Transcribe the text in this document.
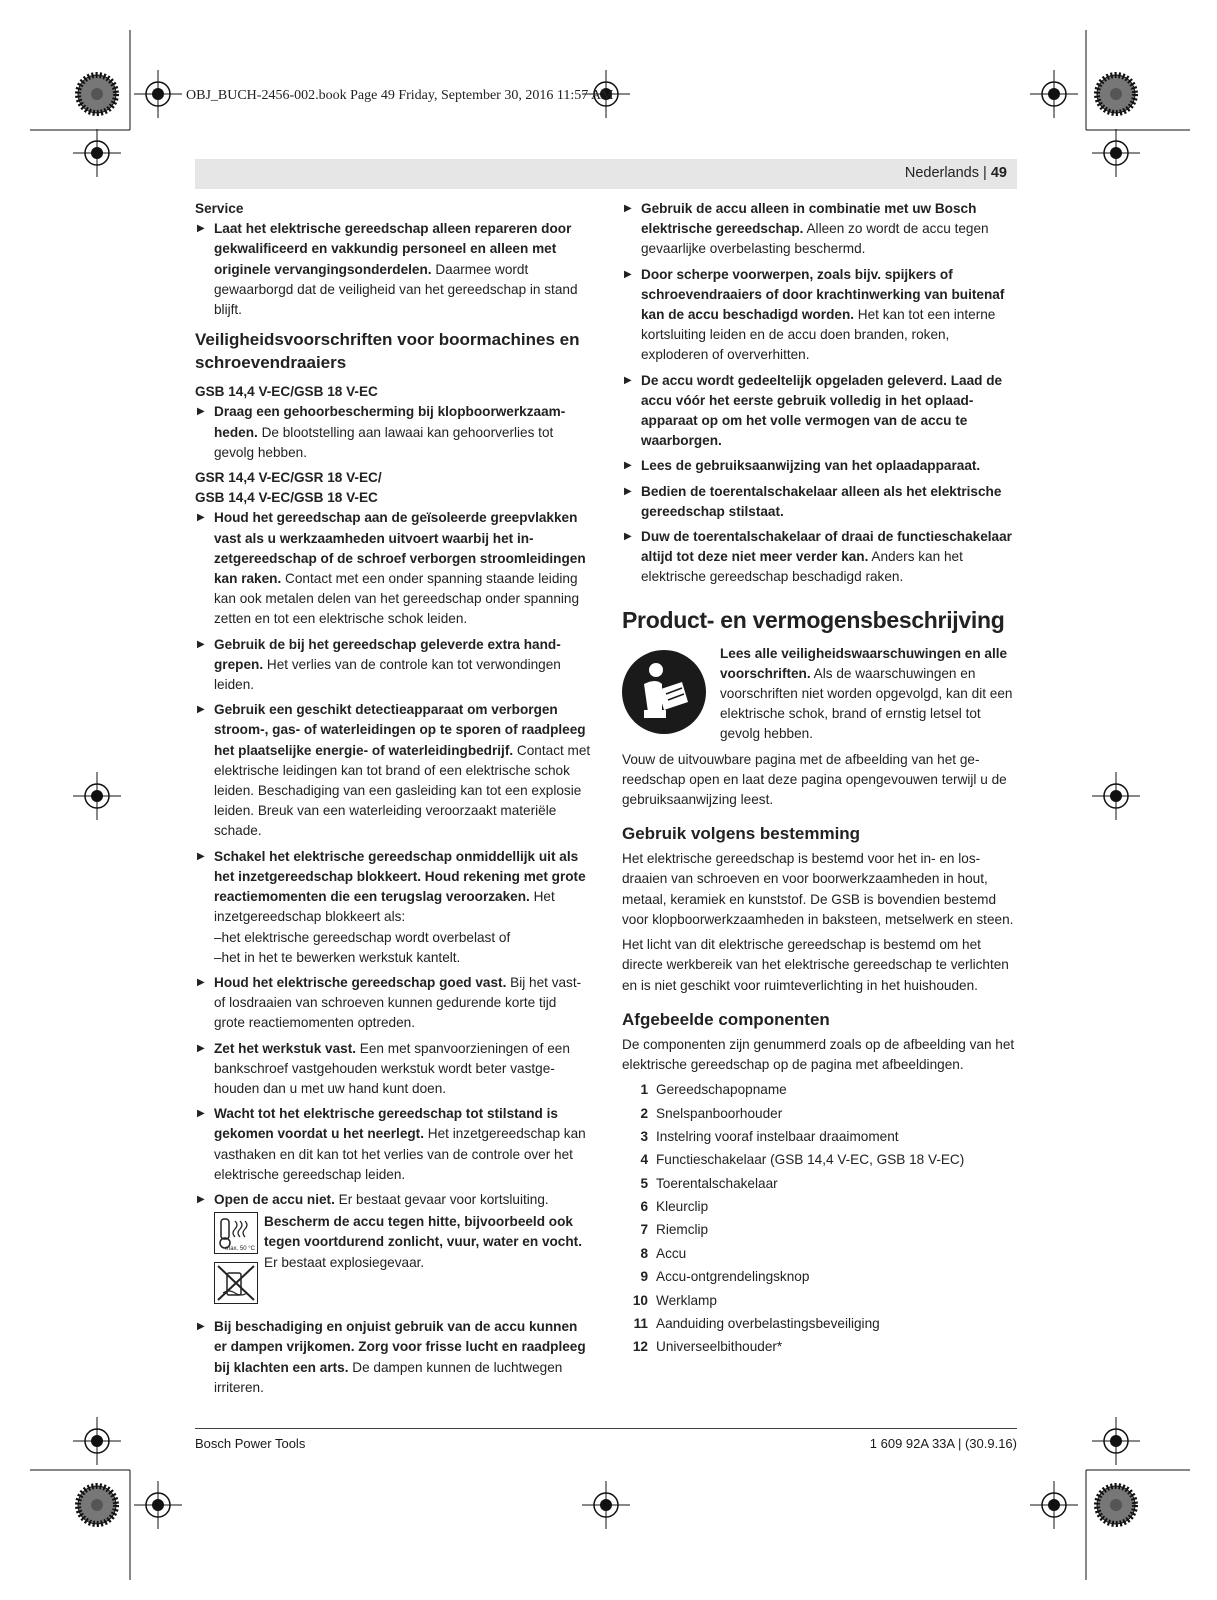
OBJ_BUCH-2456-002.book Page 49 Friday, September 30, 2016 11:57 AM
Nederlands | 49
Service
▶ Laat het elektrische gereedschap alleen repareren door gekwalificeerd en vakkundig personeel en alleen met originele vervangingsonderdelen. Daarmee wordt gewaarborgd dat de veiligheid van het gereedschap in stand blijft.
Veiligheidsvoorschriften voor boormachines en schroevendraaiers
GSB 14,4 V-EC/GSB 18 V-EC
▶ Draag een gehoorbescherming bij klopboorwerkzaamheden. De blootstelling aan lawaai kan gehoorverlies tot gevolg hebben.
GSR 14,4 V-EC/GSR 18 V-EC/
GSB 14,4 V-EC/GSB 18 V-EC
▶ Houd het gereedschap aan de geïsoleerde greepvlakken vast als u werkzaamheden uitvoert waarbij het inzetgereedschap of de schroef verborgen stroomleidingen kan raken. Contact met een onder spanning staande leiding kan ook metalen delen van het gereedschap onder spanning zetten en tot een elektrische schok leiden.
▶ Gebruik de bij het gereedschap geleverde extra handgrepen. Het verlies van de controle kan tot verwondingen leiden.
▶ Gebruik een geschikt detectieapparaat om verborgen stroom-, gas- of waterleidingen op te sporen of raadpleeg het plaatselijke energie- of waterleidingbedrijf. Contact met elektrische leidingen kan tot brand of een elektrische schok leiden. Beschadiging van een gasleiding kan tot een explosie leiden. Breuk van een waterleiding veroorzaakt materiële schade.
▶ Schakel het elektrische gereedschap onmiddellijk uit als het inzetgereedschap blokkeert. Houd rekening met grote reactiemomenten die een terugslag veroorzaken. Het inzetgereedschap blokkeert als:
–het elektrische gereedschap wordt overbelast of
–het in het te bewerken werkstuk kantelt.
▶ Houd het elektrische gereedschap goed vast. Bij het vast- of losdraaien van schroeven kunnen gedurende korte tijd grote reactiemomenten optreden.
▶ Zet het werkstuk vast. Een met spanvoorzieningen of een bankschroef vastgehouden werkstuk wordt beter vastgehouden dan u met uw hand kunt doen.
▶ Wacht tot het elektrische gereedschap tot stilstand is gekomen voordat u het neerlegt. Het inzetgereedschap kan vasthaken en dit kan tot het verlies van de controle over het elektrische gereedschap leiden.
▶ Open de accu niet. Er bestaat gevaar voor kortsluiting.
max. 50 °C
Bescherm de accu tegen hitte, bijvoorbeeld ook tegen voortdurend zonlicht, vuur, water en vocht. Er bestaat explosiegevaar.
▶ Bij beschadiging en onjuist gebruik van de accu kunnen er dampen vrijkomen. Zorg voor frisse lucht en raadpleeg bij klachten een arts. De dampen kunnen de luchtwegen irriteren.
▶ Gebruik de accu alleen in combinatie met uw Bosch elektrische gereedschap. Alleen zo wordt de accu tegen gevaarlijke overbelasting beschermd.
▶ Door scherpe voorwerpen, zoals bijv. spijkers of schroevendraaiers of door krachtinwerking van buitenaf kan de accu beschadigd worden. Het kan tot een interne kortsluiting leiden en de accu doen branden, roken, exploderen of oververhitten.
▶ De accu wordt gedeeltelijk opgeladen geleverd. Laad de accu vóór het eerste gebruik volledig in het oplaadapparaat op om het volle vermogen van de accu te waarborgen.
▶ Lees de gebruiksaanwijzing van het oplaadapparaat.
▶ Bedien de toerentalschakelaar alleen als het elektrische gereedschap stilstaat.
▶ Duw de toerentalschakelaar of draai de functieschakelaar altijd tot deze niet meer verder kan. Anders kan het elektrische gereedschap beschadigd raken.
Product- en vermogensbeschrijving
Lees alle veiligheidswaarschuwingen en alle voorschriften. Als de waarschuwingen en voorschriften niet worden opgevolgd, kan dit een elektrische schok, brand of ernstig letsel tot gevolg hebben.
Vouw de uitvouwbare pagina met de afbeelding van het gereedschap open en laat deze pagina opengevouwen terwijl u de gebruiksaanwijzing leest.
Gebruik volgens bestemming
Het elektrische gereedschap is bestemd voor het in- en losdraaien van schroeven en voor boorwerkzaamheden in hout, metaal, keramiek en kunststof. De GSB is bovendien bestemd voor klopboorwerkzaamheden in baksteen, metselwerk en steen.
Het licht van dit elektrische gereedschap is bestemd om het directe werkbereik van het elektrische gereedschap te verlichten en is niet geschikt voor ruimteverlichting in het huishouden.
Afgebeelde componenten
De componenten zijn genummerd zoals op de afbeelding van het elektrische gereedschap op de pagina met afbeeldingen.
1 Gereedschapopname
2 Snelspanboorhouder
3 Instelring vooraf instelbaar draaimoment
4 Functieschakelaar (GSB 14,4 V-EC, GSB 18 V-EC)
5 Toerentalschakelaar
6 Kleurclip
7 Riemclip
8 Accu
9 Accu-ontgrendelingsknop
10 Werklamp
11 Aanduiding overbelastingsbeveiliging
12 Universeelbithouder*
Bosch Power Tools	1 609 92A 33A | (30.9.16)
